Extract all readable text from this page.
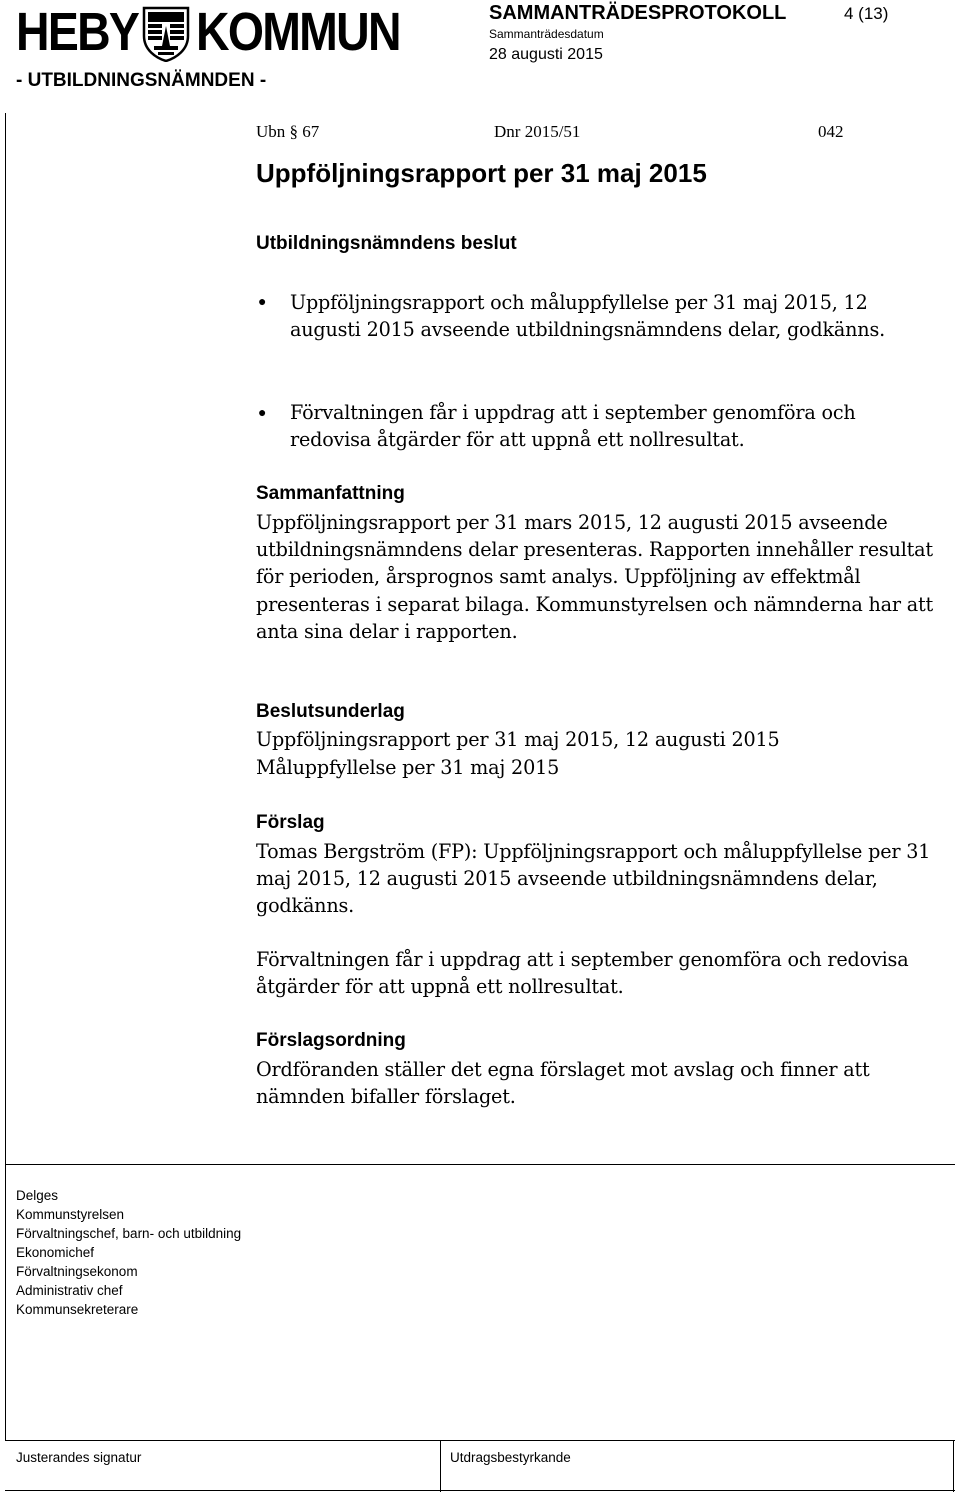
HEBY KOMMUN
- UTBILDNINGSNÄMNDEN -
SAMMANTRÄDESPROTOKOLL	4 (13)
Sammanträdesdatum
28 augusti 2015
Ubn § 67	Dnr 2015/51	042
Uppföljningsrapport per 31 maj 2015
Utbildningsnämndens beslut
● Uppföljningsrapport och måluppfyllelse per 31 maj 2015, 12 augusti 2015 avseende utbildningsnämndens delar, godkänns.
● Förvaltningen får i uppdrag att i september genomföra och redovisa åtgärder för att uppnå ett nollresultat.
Sammanfattning
Uppföljningsrapport per 31 mars 2015, 12 augusti 2015 avseende utbildningsnämndens delar presenteras. Rapporten innehåller resultat för perioden, årsprognos samt analys. Uppföljning av effektmål presenteras i separat bilaga. Kommunstyrelsen och nämnderna har att anta sina delar i rapporten.
Beslutsunderlag
Uppföljningsrapport per 31 maj 2015, 12 augusti 2015
Måluppfyllelse per 31 maj 2015
Förslag
Tomas Bergström (FP): Uppföljningsrapport och måluppfyllelse per 31 maj 2015, 12 augusti 2015 avseende utbildningsnämndens delar, godkänns.
Förvaltningen får i uppdrag att i september genomföra och redovisa åtgärder för att uppnå ett nollresultat.
Förslagsordning
Ordföranden ställer det egna förslaget mot avslag och finner att nämnden bifaller förslaget.
Delges
Kommunstyrelsen
Förvaltningschef, barn- och utbildning
Ekonomichef
Förvaltningsekonom
Administrativ chef
Kommunsekreterare
Justerandes signatur	Utdragsbestyrkande
